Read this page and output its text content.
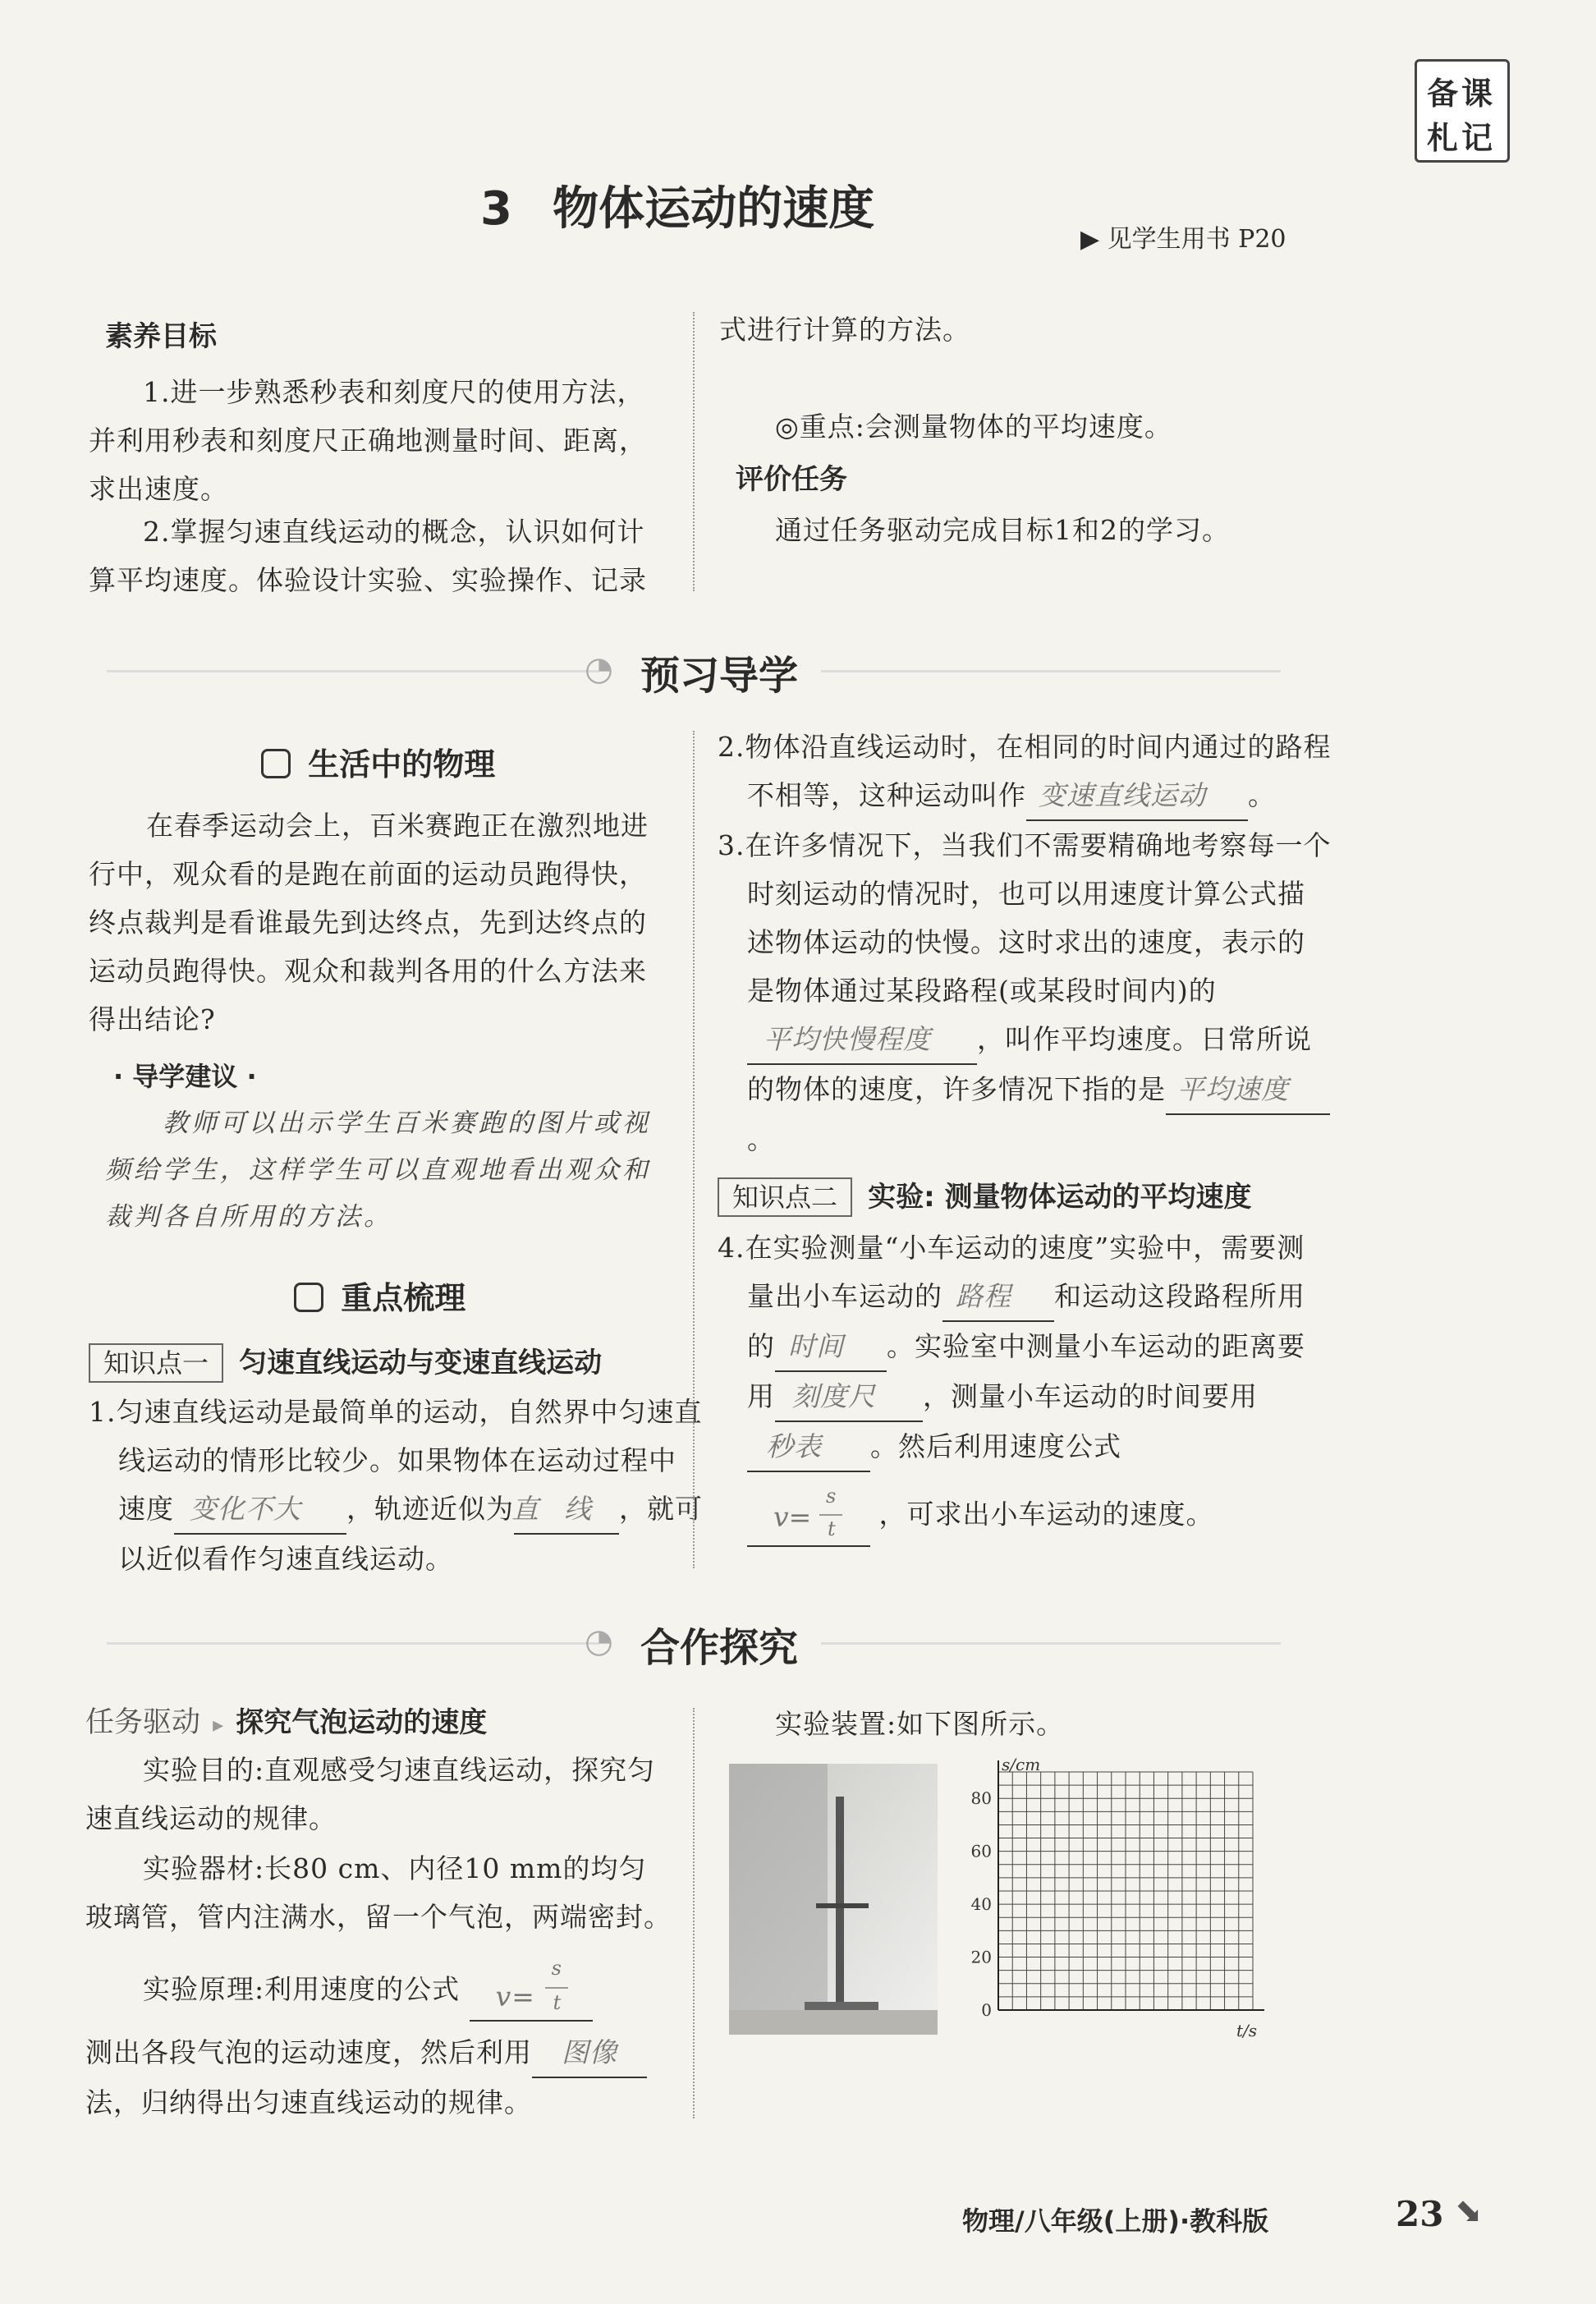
备课
札记
3 物体运动的速度
▶ 见学生用书 P20
素养目标
1.进一步熟悉秒表和刻度尺的使用方法，并利用秒表和刻度尺正确地测量时间、距离，求出速度。
2.掌握匀速直线运动的概念，认识如何计算平均速度。体验设计实验、实验操作、记录
式进行计算的方法。
◎重点:会测量物体的平均速度。
评价任务
通过任务驱动完成目标1和2的学习。
◔ 预习导学
生活中的物理
在春季运动会上，百米赛跑正在激烈地进行中，观众看的是跑在前面的运动员跑得快，终点裁判是看谁最先到达终点，先到达终点的运动员跑得快。观众和裁判各用的什么方法来得出结论?
· 导学建议 ·
教师可以出示学生百米赛跑的图片或视频给学生，这样学生可以直观地看出观众和裁判各自所用的方法。
重点梳理
知识点一 匀速直线运动与变速直线运动
1.匀速直线运动是最简单的运动，自然界中匀速直线运动的情形比较少。如果物体在运动过程中速度 变化不大 ，轨迹近似为直 线 ，就可以近似看作匀速直线运动。
2.物体沿直线运动时，在相同的时间内通过的路程不相等，这种运动叫作 变速直线运动 。
3.在许多情况下，当我们不需要精确地考察每一个时刻运动的情况时，也可以用速度计算公式描述物体运动的快慢。这时求出的速度，表示的是物体通过某段路程(或某段时间内)的平均快慢程度 ，叫作平均速度。日常所说的物体的速度，许多情况下指的是 平均速度。
知识点二 实验: 测量物体运动的平均速度
4.在实验测量“小车运动的速度”实验中，需要测量出小车运动的 路程 和运动这段路程所用的 时间 。实验室中测量小车运动的距离要用 刻度尺 ，测量小车运动的时间要用秒表 。然后利用速度公式
v=
s
t ，可求出小车运动的速度。
◔ 合作探究
任务驱动 ▸ 探究气泡运动的速度
实验目的:直观感受匀速直线运动，探究匀速直线运动的规律。
实验器材:长80 cm、内径10 mm的均匀玻璃管，管内注满水，留一个气泡，两端密封。
实验原理:利用速度的公式 v=
s
t
测出各段气泡的运动速度，然后利用 图像法，归纳得出匀速直线运动的规律。
实验装置:如下图所示。
0
20
40
60
80
s/cm
t/s
物理/八年级(上册)·教科版	23 ⬊
